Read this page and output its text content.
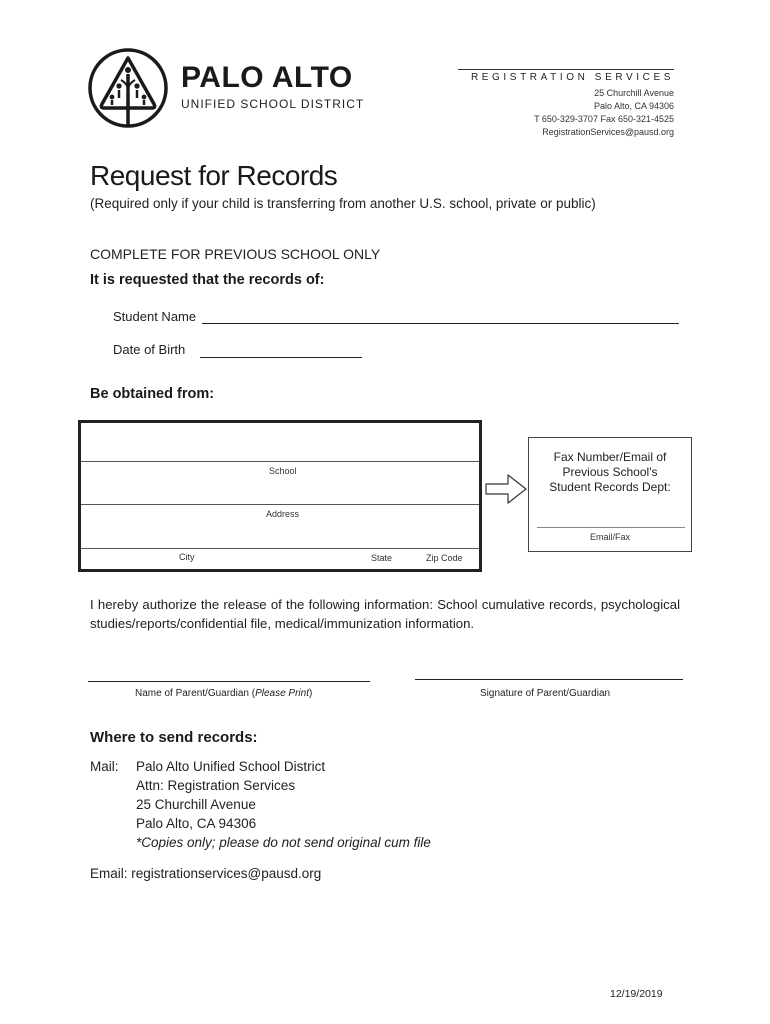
PALO ALTO
UNIFIED SCHOOL DISTRICT
REGISTRATION SERVICES
25 Churchill Avenue
Palo Alto, CA 94306
T 650-329-3707 Fax 650-321-4525
RegistrationServices@pausd.org
Request for Records
(Required only if your child is transferring from another U.S. school, private or public)
COMPLETE FOR PREVIOUS SCHOOL ONLY
It is requested that the records of:
Student Name
Date of Birth
Be obtained from:
School
Address
City	State	Zip Code
Fax Number/Email of
Previous School's
Student Records Dept:
Email/Fax
I hereby authorize the release of the following information: School cumulative records, psychological studies/reports/confidential file, medical/immunization information.
Name of Parent/Guardian (Please Print)	Signature of Parent/Guardian
Where to send records:
Mail: Palo Alto Unified School District
Attn: Registration Services
25 Churchill Avenue
Palo Alto, CA 94306
*Copies only; please do not send original cum file
Email: registrationservices@pausd.org
12/19/2019
